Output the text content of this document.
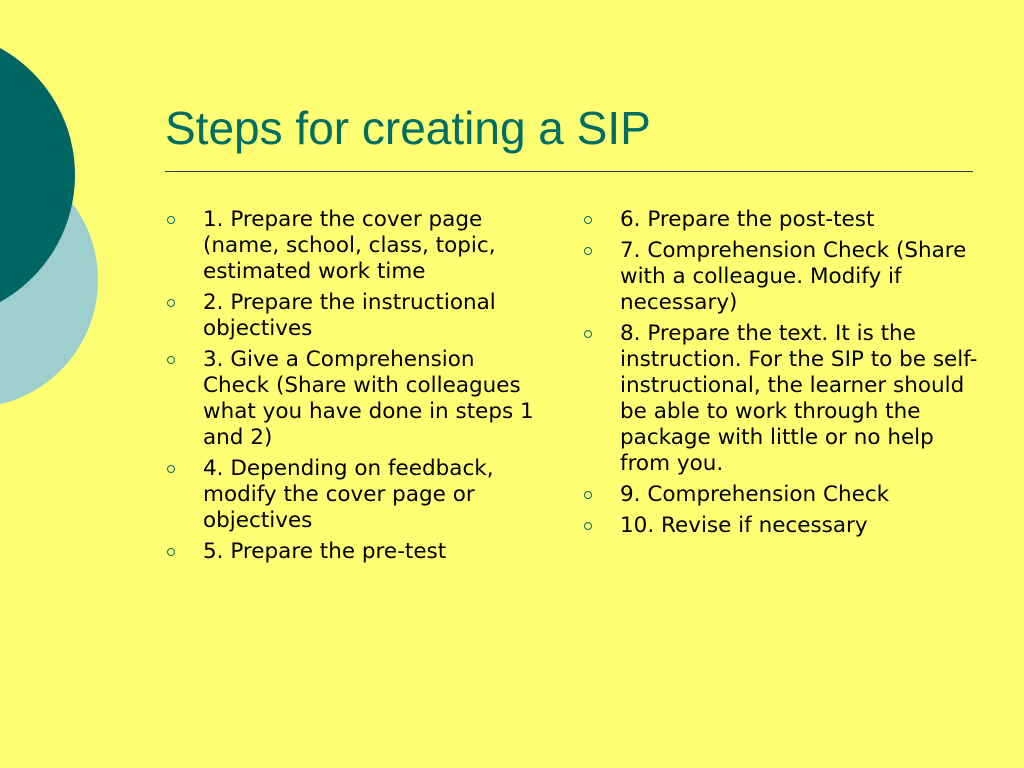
Steps for creating a SIP
1. Prepare the cover page (name, school, class, topic, estimated work time
2. Prepare the instructional objectives
3. Give a Comprehension Check (Share with colleagues what you have done in steps 1 and 2)
4. Depending on feedback, modify the cover page or objectives
5. Prepare the pre-test
6. Prepare the post-test
7. Comprehension Check (Share with a colleague. Modify if necessary)
8. Prepare the text. It is the instruction. For the SIP to be self-instructional, the learner should be able to work through the package with little or no help from you.
9. Comprehension Check
10. Revise if necessary
